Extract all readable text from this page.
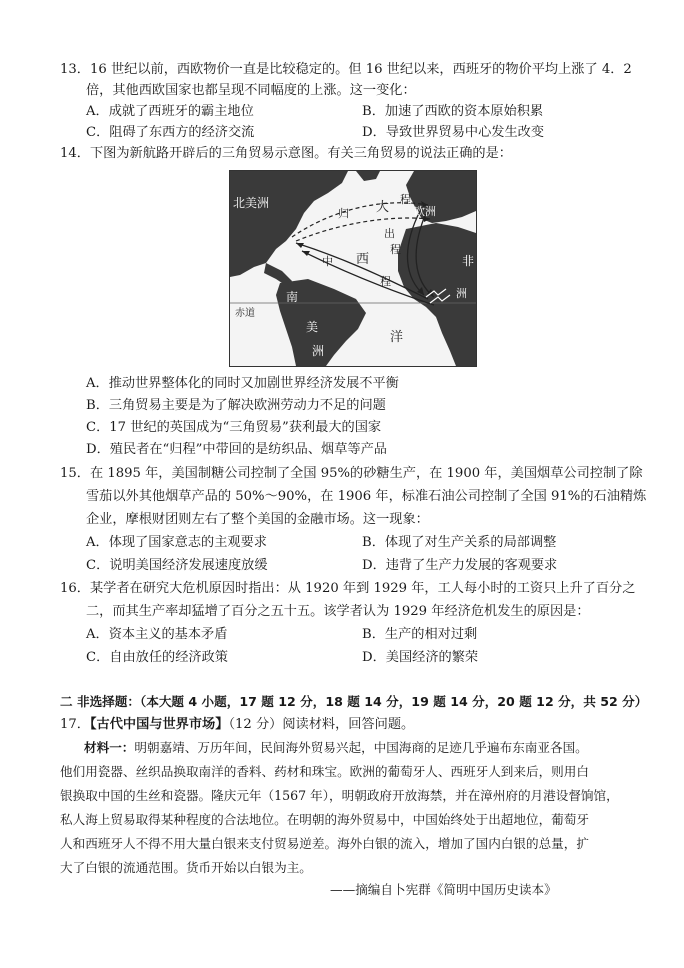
13．16 世纪以前，西欧物价一直是比较稳定的。但 16 世纪以来，西班牙的物价平均上涨了 4．2
倍，其他西欧国家也都呈现不同幅度的上涨。这一变化：
A．成就了西班牙的霸主地位	B．加速了西欧的资本原始积累
C．阻碍了东西方的经济交流	D．导致世界贸易中心发生改变
14．下图为新航路开辟后的三角贸易示意图。有关三角贸易的说法正确的是：
北美洲
欧洲
非
洲
南
美
洲
赤道
大
西
洋
归
程
出
程
中
程
A．推动世界整体化的同时又加剧世界经济发展不平衡
B．三角贸易主要是为了解决欧洲劳动力不足的问题
C．17 世纪的英国成为“三角贸易”获利最大的国家
D．殖民者在“归程”中带回的是纺织品、烟草等产品
15．在 1895 年，美国制糖公司控制了全国 95%的砂糖生产，在 1900 年，美国烟草公司控制了除
雪茄以外其他烟草产品的 50%～90%，在 1906 年，标准石油公司控制了全国 91%的石油精炼
企业，摩根财团则左右了整个美国的金融市场。这一现象：
A．体现了国家意志的主观要求	B．体现了对生产关系的局部调整
C．说明美国经济发展速度放缓	D．违背了生产力发展的客观要求
16．某学者在研究大危机原因时指出：从 1920 年到 1929 年，工人每小时的工资只上升了百分之
二，而其生产率却猛增了百分之五十五。该学者认为 1929 年经济危机发生的原因是：
A．资本主义的基本矛盾	B．生产的相对过剩
C．自由放任的经济政策	D．美国经济的繁荣
二 非选择题：（本大题 4 小题，17 题 12 分，18 题 14 分，19 题 14 分，20 题 12 分，共 52 分）
17．【古代中国与世界市场】（12 分）阅读材料，回答问题。
材料一：明朝嘉靖、万历年间，民间海外贸易兴起，中国海商的足迹几乎遍布东南亚各国。
他们用瓷器、丝织品换取南洋的香料、药材和珠宝。欧洲的葡萄牙人、西班牙人到来后，则用白
银换取中国的生丝和瓷器。隆庆元年（1567 年），明朝政府开放海禁，并在漳州府的月港设督饷馆，
私人海上贸易取得某种程度的合法地位。在明朝的海外贸易中，中国始终处于出超地位，葡萄牙
人和西班牙人不得不用大量白银来支付贸易逆差。海外白银的流入，增加了国内白银的总量，扩
大了白银的流通范围。货币开始以白银为主。
——摘编自卜宪群《简明中国历史读本》
